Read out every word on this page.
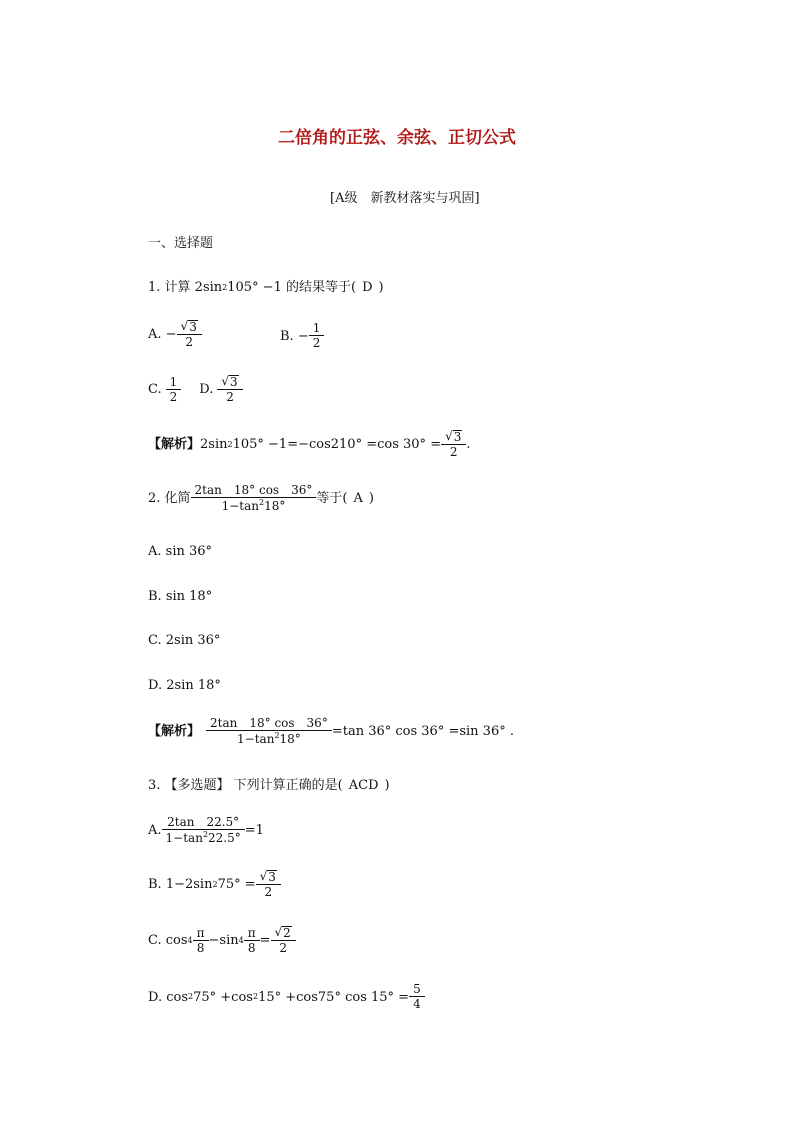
二倍角的正弦、余弦、正切公式
[A级　新教材落实与巩固]
一、选择题
1. 计算 2sin 2 105° −1 的结果等于( D )
A. − $\frac{√ 3}{2}$	B. − $\frac{1}{2}$
C. $\frac{1}{2} D$. $\frac{√ 3}{2}$
【解析】 2sin 2 105° −1=−cos210° =cos $30^\circ = \frac{√ 3}{2}$ .
2. 化简 $\frac{2\tan 18^\circ \cos 36^\circ}{1-\tan^218^\circ}$ 等于( A )
A. sin 36°
B. sin 18°
C. 2sin 36°
D. 2sin 18°
【解析】 $\frac{2\tan 18^\circ \cos 36^\circ}{1-\tan^218^\circ} =\tan$ 36° cos 36° =sin 36° .
3. 【多选题】 下列计算正确的是( ACD )
A. $\frac{2\tan 22.5^\circ}{1-\tan^222.5^\circ} =1$
B. 1−2sin 2 $75^\circ = \frac{√ 3}{2}$
C. $\cos 4 \frac{\pi}{8} -\sin$ $4 \frac{\pi}{8} = \frac{√ 2}{2}$
D. cos 2 75° +cos 2 15° +cos75° $\cos 15^\circ = \frac{5}{4}$
